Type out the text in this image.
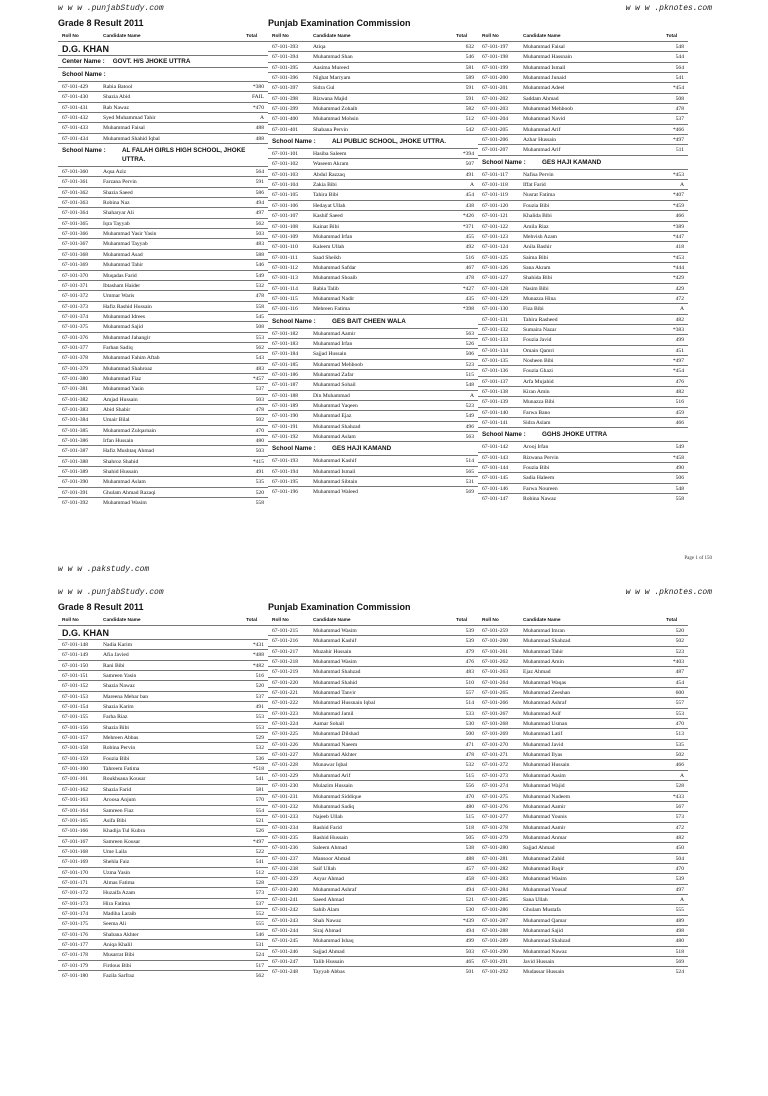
w w w .punjabStudy.com	w w w .pknotes.com
Grade 8 Result 2011	Punjab Examination Commission
Roll No	Candidate Name	Total	Roll No	Candidate Name	Total	Roll No	Candidate Name	Total
D.G. KHAN
Center Name : GOVT. H/S JHOKE UTTRA
School Name :
67-101-429	Rabia Batool	*380
67-101-430	Shazia Abid	FAIL
67-101-431	Rab Nawaz	*470
67-101-432	Syed Muhammad Tahir	A
67-101-433	Muhammad Faisal	488
67-101-434	Muhammad Shahid Iqbal	488
School Name :	AL FALAH GIRLS HIGH SCHOOL, JHOKE UTTRA.
67-101-360	Aqsa Aziz	564
67-101-361	Farzana Pervin	591
67-101-362	Shazia Saeed	586
67-101-363	Robina Naz	494
67-101-364	Shaharyar Ali	497
67-101-365	Iqra Tayyab	562
67-101-366	Muhammad Yasir Yasin	503
67-101-367	Muhammad Tayyab	483
67-101-368	Muhammad Asad	588
67-101-369	Muhammad Tahir	546
67-101-370	Muqadas Farid	549
67-101-371	Ibtasham Haider	532
67-101-372	Ummar Waris	478
67-101-373	Hafiz Rashid Hussain	558
67-101-374	Muhammad Idrees	545
67-101-375	Muhammad Sajid	508
67-101-376	Muhammad Jahangir	553
67-101-377	Farhan Sadiq	562
67-101-378	Muhammad Fahim Aftab	543
67-101-379	Muhammad Shahroaz	483
67-101-380	Muhammad Fiaz	*457
67-101-381	Muhammad Yasin	537
67-101-382	Amjad Hussain	503
67-101-383	Abid Shabir	478
67-101-384	Umair Bilal	502
67-101-385	Muhammad Zulqarnain	470
67-101-386	Irfan Hussain	480
67-101-387	Hafiz Mushtaq Ahmad	503
67-101-388	Shahroz Shahid	*415
67-101-389	Shahid Hussain	491
67-101-390	Muhammad Aslam	535
67-101-391	Ghulam Ahmad Razaqi	520
67-101-392	Muhammad Wasim	558
67-101-393	Atiqa	632
67-101-394	Muhammad Shan	546
67-101-395	Aasima Mureed	581
67-101-396	Nighat Marryam	589
67-101-397	Sidra Gul	591
67-101-398	Rizwana Majid	591
67-101-399	Muhammad Zohaib	582
67-101-400	Muhammad Mohsin	512
67-101-401	Shabana Pervin	542
School Name :	ALI PUBLIC SCHOOL, JHOKE UTTRA.
67-101-101	Hasiba Saleem	*394
67-101-102	Waseem Akram	507
67-101-103	Abdul Razzaq	491
67-101-104	Zakia Bibi	A
67-101-105	Tahira Bibi	454
67-101-106	Hedayat Ullah	438
67-101-107	Kashif Saeed	*426
67-101-108	Kainat Bibi	*371
67-101-109	Muhammad Irfan	455
67-101-110	Kaleem Ullah	492
67-101-111	Saad Sheikh	516
67-101-112	Muhammad Safdar	467
67-101-113	Muhammad Shoaib	478
67-101-114	Rabia Talib	*427
67-101-115	Muhammad Nadir	435
67-101-116	Mehreen Fatima	*398
School Name :	GES BAIT CHEEN WALA
67-101-182	Muhammad Aamir	563
67-101-183	Muhammad Irfan	526
67-101-184	Sajjad Hussain	506
67-101-185	Muhammad Mehboob	523
67-101-186	Muhammad Zafar	515
67-101-187	Muhammad Sohail	548
67-101-188	Din Muhammad	A
67-101-189	Muhammad Yaqeen	523
67-101-190	Muhammad Ejaz	549
67-101-191	Muhammad Shahzad	496
67-101-192	Muhammad Aslam	563
School Name :	GES HAJI KAMAND
67-101-193	Muhammad Kashif	514
67-101-194	Muhammad Ismail	565
67-101-195	Muhammad Sibtain	531
67-101-196	Muhammad Waleed	569
67-101-197	Muhammad Faisal	548
67-101-198	Muhammad Hassnain	544
67-101-199	Muhammad Ismail	564
67-101-200	Muhammad Junaid	541
67-101-201	Muhammad Adeel	*454
67-101-202	Saddam Ahmad	508
67-101-203	Muhammad Mehboob	478
67-101-204	Muhammad Navid	537
67-101-205	Muhammad Arif	*466
67-101-206	Azhar Hussain	*497
67-101-207	Muhammad Arif	511
School Name :	GES HAJI KAMAND
67-101-117	Nafisa Pervin	*453
67-101-118	Iffat Farid	A
67-101-119	Nusrat Fatima	*407
67-101-120	Fouzia Bibi	*459
67-101-121	Khalida Bibi	466
67-101-122	Amila Riaz	*389
67-101-123	Mehvish Azam	*447
67-101-124	Anila Bashir	418
67-101-125	Saima Bibi	*453
67-101-126	Sana Akram	*444
67-101-127	Shahida Bibi	*429
67-101-128	Nasim Bibi	429
67-101-129	Munazza Hina	472
67-101-130	Fiza Bibi	A
67-101-131	Tahira Rasheed	482
67-101-132	Sumaira Nazar	*383
67-101-133	Fouzia Javid	499
67-101-134	Omain Qamri	451
67-101-135	Nosheen Bibi	*497
67-101-136	Fouzia Ghazi	*454
67-101-137	Arfa Mujahid	476
67-101-138	Kiran Amin	482
67-101-139	Munazza Bibi	516
67-101-140	Farwa Bano	459
67-101-141	Sidra Aslam	466
School Name :	GGHS JHOKE UTTRA
67-101-142	Arooj Irfan	549
67-101-143	Rizwana Pervin	*458
67-101-144	Fouzia Bibi	490
67-101-145	Sadia Haleem	506
67-101-146	Farwa Noureen	548
67-101-147	Robina Nawaz	558
Page 1 of 150
w w w .pakstudy.com
w w w .punjabStudy.com	w w w .pknotes.com
Grade 8 Result 2011	Punjab Examination Commission
Roll No	Candidate Name	Total	Roll No	Candidate Name	Total	Roll No	Candidate Name	Total
D.G. KHAN
67-101-148	Nadia Karim	*431
67-101-149	Afia Javied	*488
67-101-150	Rani Bibi	*482
67-101-151	Samreen Yasin	516
67-101-152	Shazia Nawaz	520
67-101-153	Mareena Mehar ban	537
67-101-154	Shazia Karim	491
67-101-155	Farha Riaz	553
67-101-156	Shazia Bibi	553
67-101-157	Mehreen Abbas	529
67-101-158	Robina Pervin	532
67-101-159	Fouzia Bibi	536
67-101-160	Tahreem Fatima	*518
67-101-161	Roukhsana Kousar	541
67-101-162	Shazia Farid	581
67-101-163	Aroosa Anjum	570
67-101-164	Samreen Fiaz	554
67-101-165	Asifa Bibi	521
67-101-166	Khadija Tul Kubra	526
67-101-167	Samreen Kousar	*497
67-101-168	Ume Laila	522
67-101-169	Shehla Faiz	541
67-101-170	Uzma Yasin	512
67-101-171	Almas Fatima	528
67-101-172	Huzaifa Azam	573
67-101-173	Hira Fatima	537
67-101-174	Madiha Laraib	552
67-101-175	Seema Ali	555
67-101-176	Shabana Akhter	546
67-101-177	Aniqa Khalil	531
67-101-178	Musarrat Bibi	524
67-101-179	Firdous Bibi	517
67-101-180	Fazila Sarfraz	562
67-101-215	Muhammad Wasim	539
67-101-216	Muhammad Kashif	539
67-101-217	Muzahir Hussain	479
67-101-218	Muhammad Wasim	476
67-101-219	Muhammad Shahzad	483
67-101-220	Muhammad Shahid	510
67-101-221	Muhammad Tanvir	557
67-101-222	Muhammad Hussnain Iqbal	514
67-101-223	Muhammad Jamil	533
67-101-224	Aamar Sohail	530
67-101-225	Muhammad Dilshad	500
67-101-226	Muhammad Naeem	471
67-101-227	Muhammad Akhter	478
67-101-228	Munawar Iqbal	532
67-101-229	Muhammad Arif	515
67-101-230	Mulazim Hussain	556
67-101-231	Muhammad Siddique	470
67-101-232	Muhammad Sadiq	480
67-101-233	Najeeb Ullah	515
67-101-234	Rashid Farid	518
67-101-235	Rashid Hussain	505
67-101-236	Saleem Ahmad	538
67-101-237	Mansoor Ahmad	488
67-101-238	Saif Ullah	457
67-101-239	Asyar Ahmad	458
67-101-240	Muhammad Ashraf	494
67-101-241	Saeed Ahmad	521
67-101-242	Sahib Alam	530
67-101-243	Shah Nawaz	*439
67-101-244	Siraj Ahmad	494
67-101-245	Muhammad Ishaq	499
67-101-246	Sajjad Ahmad	503
67-101-247	Talib Hussain	465
67-101-248	Tayyab Abbas	501
67-101-259	Muhammad Imran	520
67-101-260	Muhammad Shahzad	502
67-101-261	Muhammad Tahir	523
67-101-262	Muhammad Amin	*403
67-101-263	Ejaz Ahmad	487
67-101-264	Muhammad Waqas	454
67-101-265	Muhammad Zeeshan	600
67-101-266	Muhammad Ashraf	557
67-101-267	Muhammad Asif	553
67-101-268	Muhammad Usman	470
67-101-269	Muhammad Latif	513
67-101-270	Muhammad Javid	535
67-101-271	Muhammad Ilyas	502
67-101-272	Muhammad Hussain	466
67-101-273	Muhammad Aasim	A
67-101-274	Muhammad Wajid	528
67-101-275	Muhammad Nadeem	*433
67-101-276	Muhammad Aamir	567
67-101-277	Muhammad Younis	573
67-101-278	Muhammad Aamir	472
67-101-279	Muhammad Anmar	482
67-101-280	Sajjad Ahmad	450
67-101-281	Muhammad Zahid	504
67-101-282	Muhammad Baqir	470
67-101-283	Muhammad Wasim	539
67-101-284	Muhammad Yousaf	497
67-101-285	Sana Ullah	A
67-101-286	Ghulam Mustafa	555
67-101-287	Muhammad Qamar	489
67-101-288	Muhammad Sajid	498
67-101-289	Muhammad Shahzad	480
67-101-290	Muhammad Nawaz	518
67-101-291	Javid Hussain	569
67-101-292	Mudassar Hussain	524
